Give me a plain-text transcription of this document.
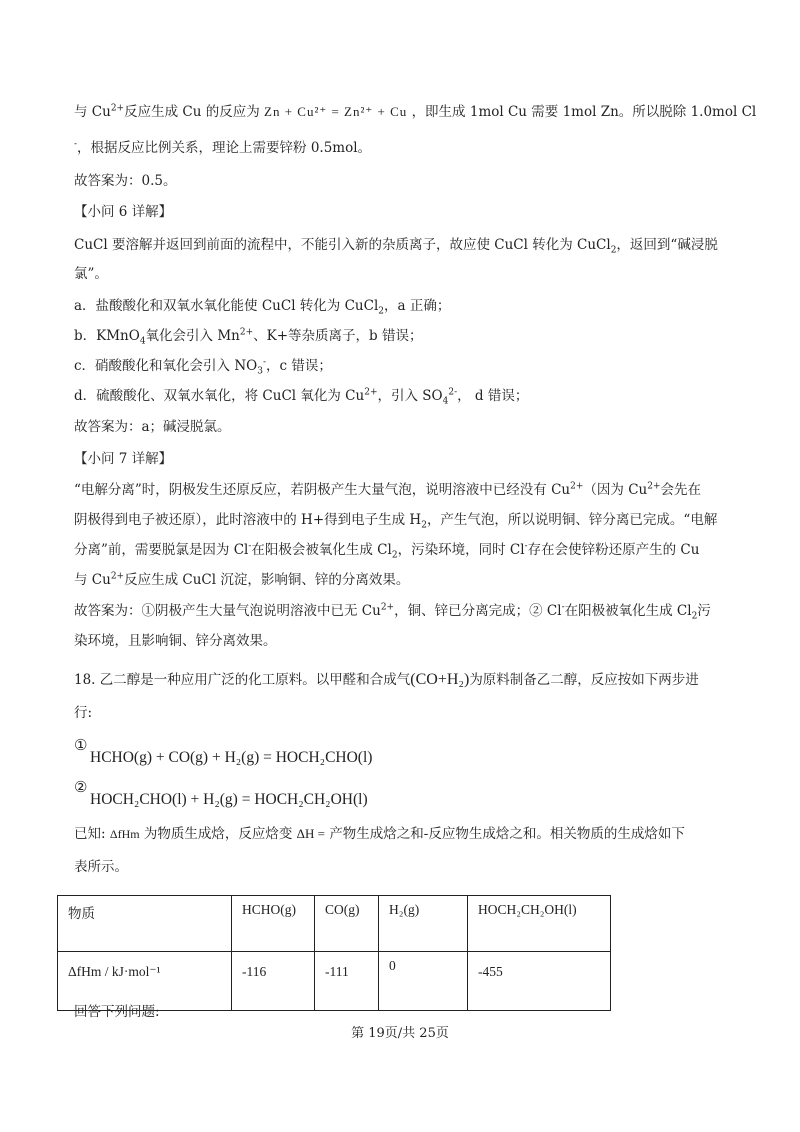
与 $Cu^{2+}$反应生成 Cu 的反应为 Zn + Cu²⁺ = Zn²⁺ + Cu ，即生成 1mol Cu 需要 1mol Zn。所以脱除 1.0mol Cl
-，根据反应比例关系，理论上需要锌粉 0.5mol。
故答案为：0.5。
【小问 6 详解】
CuCl 要溶解并返回到前面的流程中，不能引入新的杂质离子，故应使 CuCl 转化为 CuCl$_2$，返回到“碱浸脱
氯”。
a．盐酸酸化和双氧水氧化能使 CuCl 转化为 CuCl$_2$，a 正确；
b．KMnO$_4$氧化会引入 $Mn^{2+}$、K+等杂质离子，b 错误；
c．硝酸酸化和氧化会引入 $NO_3^-$，c 错误；
d．硫酸酸化、双氧水氧化，将 CuCl 氧化为 $Cu^{2+}$，引入 $SO_4^{2-}$， d 错误；
故答案为：a；碱浸脱氯。
【小问 7 详解】
“电解分离”时，阴极发生还原反应，若阴极产生大量气泡，说明溶液中已经没有 $Cu^{2+}$（因为 $Cu^{2+}$会先在
阴极得到电子被还原），此时溶液中的 H+得到电子生成 $H_2$，产生气泡，所以说明铜、锌分离已完成。“电解
分离”前，需要脱氯是因为 Cl-在阳极会被氧化生成 $Cl_2$，污染环境，同时 Cl-存在会使锌粉还原产生的 Cu
与 $Cu^{2+}$反应生成 CuCl 沉淀，影响铜、锌的分离效果。
故答案为：①阴极产生大量气泡说明溶液中已无 $Cu^{2+}$，铜、锌已分离完成；② Cl-在阳极被氧化生成 $Cl_2$污
染环境，且影响铜、锌分离效果。
18. 乙二醇是一种应用广泛的化工原料。以甲醛和合成气(CO+H₂)为原料制备乙二醇，反应按如下两步进
行:
①
HCHO(g) + CO(g) + H₂(g) = HOCH₂CHO(l)
②
HOCH₂CHO(l) + H₂(g) = HOCH₂CH₂OH(l)
已知: ΔfHm 为物质生成焓，反应焓变 ΔH = 产物生成焓之和-反应物生成焓之和。相关物质的生成焓如下
表所示。
物质	HCHO(g)	CO(g)	H₂(g)	HOCH₂CH₂OH(l)
ΔfHm / kJ·mol⁻¹	-116	-111	0	-455
回答下列问题:
第 19页/共 25页
